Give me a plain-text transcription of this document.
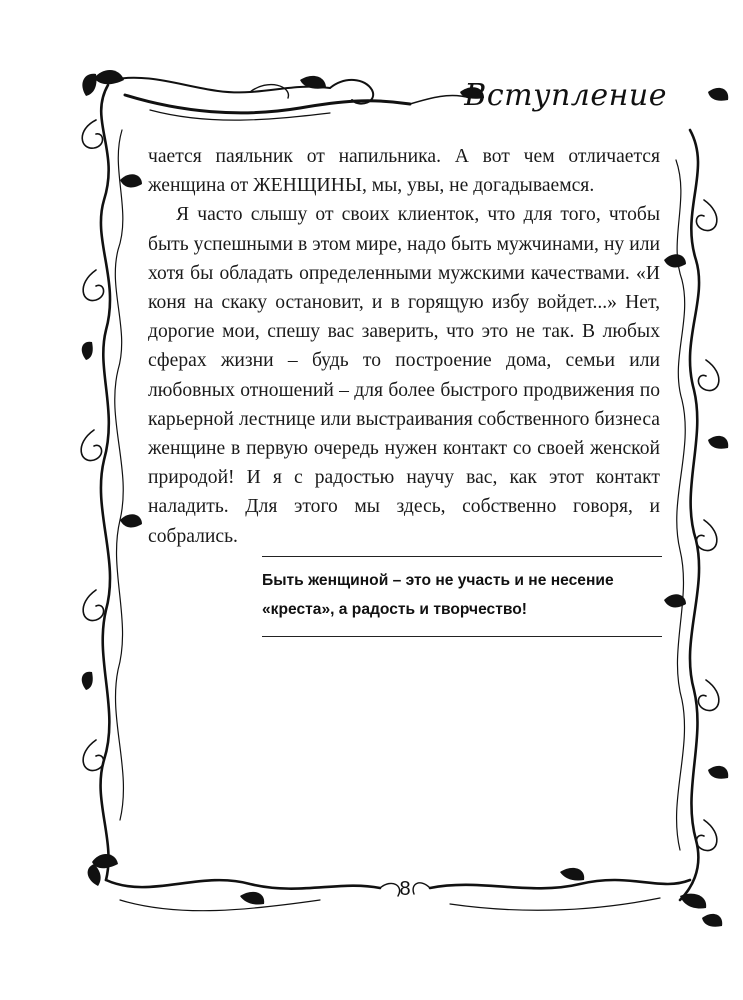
Вступление

чается паяльник от напильника. А вот чем отличается женщина от ЖЕНЩИНЫ, мы, увы, не догадываемся.

Я часто слышу от своих клиенток, что для того, чтобы быть успешными в этом мире, надо быть мужчинами, ну или хотя бы обладать определенными мужскими качествами. «И коня на скаку остановит, и в горящую избу войдет...» Нет, дорогие мои, спешу вас заверить, что это не так. В любых сферах жизни – будь то построение дома, семьи или любовных отношений – для более быстрого продвижения по карьерной лестнице или выстраивания собственного бизнеса женщине в первую очередь нужен контакт со своей женской природой! И я с радостью научу вас, как этот контакт наладить. Для этого мы здесь, собственно говоря, и собрались.

Быть женщиной – это не участь и не несение «креста», а радость и творчество!
8
